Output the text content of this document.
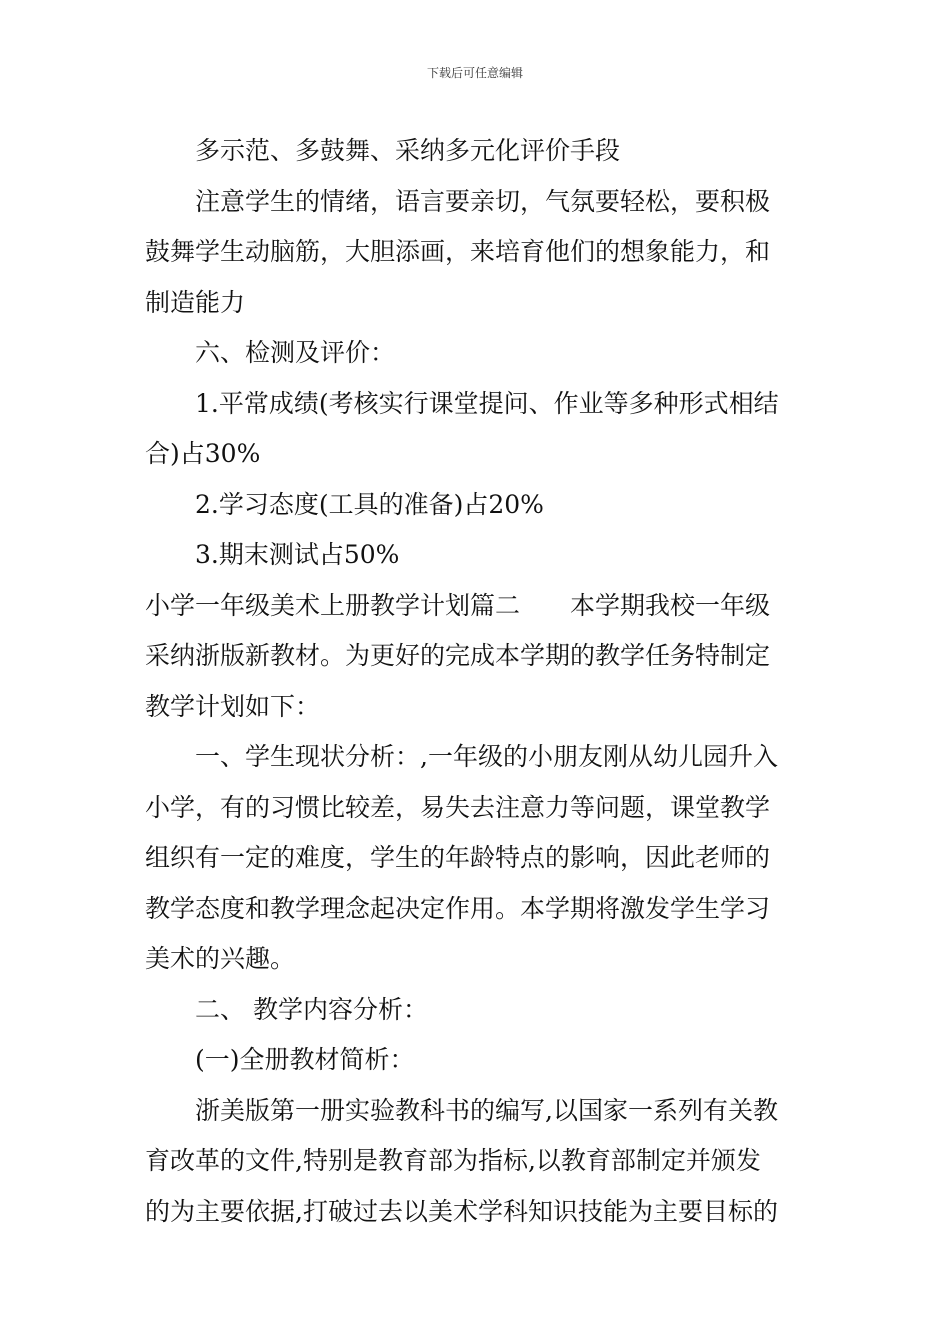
下载后可任意编辑
多示范、多鼓舞、采纳多元化评价手段
注意学生的情绪，语言要亲切，气氛要轻松，要积极
鼓舞学生动脑筋，大胆添画，来培育他们的想象能力，和
制造能力
六、检测及评价：
1.平常成绩(考核实行课堂提问、作业等多种形式相结
合)占30%
2.学习态度(工具的准备)占20%
3.期末测试占50%
小学一年级美术上册教学计划篇二 本学期我校一年级
采纳浙版新教材。为更好的完成本学期的教学任务特制定
教学计划如下：
一、学生现状分析：,一年级的小朋友刚从幼儿园升入
小学，有的习惯比较差，易失去注意力等问题，课堂教学
组织有一定的难度，学生的年龄特点的影响，因此老师的
教学态度和教学理念起决定作用。本学期将激发学生学习
美术的兴趣。
二、 教学内容分析：
(一)全册教材简析：
浙美版第一册实验教科书的编写,以国家一系列有关教
育改革的文件,特别是教育部为指标,以教育部制定并颁发
的为主要依据,打破过去以美术学科知识技能为主要目标的
